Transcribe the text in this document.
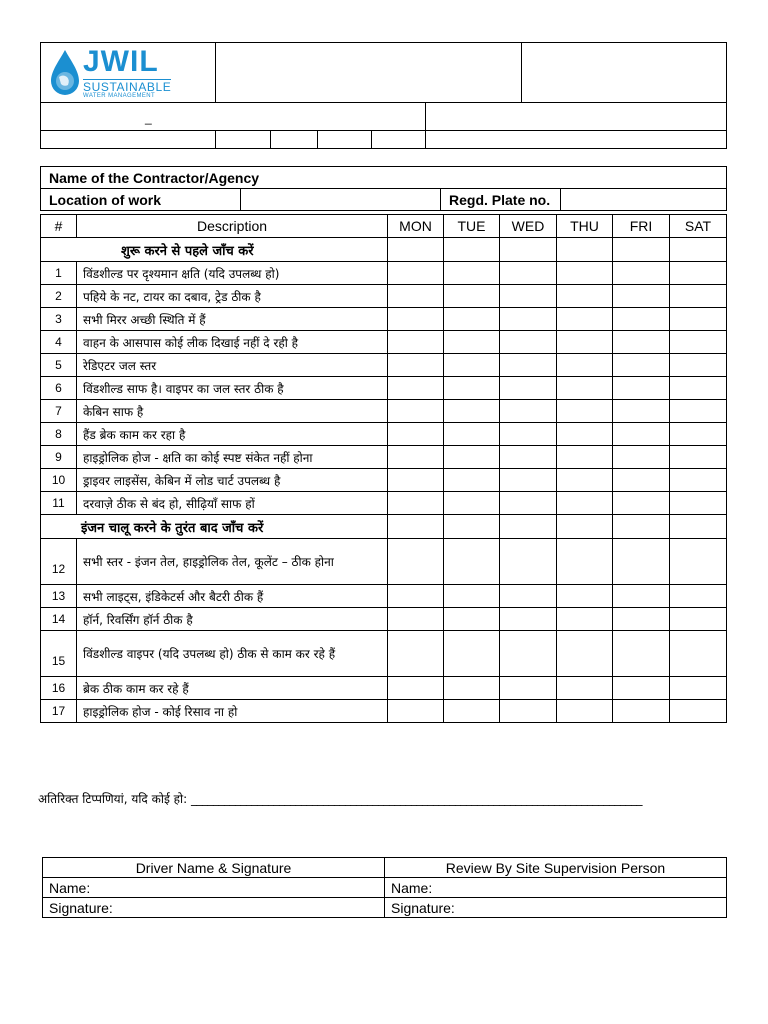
JWIL
SUSTAINABLE
WATER MANAGEMENT						

_						

Name of the Contractor/Agency
Location of work		Regd. Plate no.	
#	Description	MON	TUE	WED	THU	FRI	SAT
शुरू करने से पहले जाँच करें							
1	विंडशील्ड पर दृश्यमान क्षति (यदि उपलब्ध हो)						
2	पहिये के नट, टायर का दबाव, ट्रेड ठीक है						
3	सभी मिरर अच्छी स्थिति में हैं						
4	वाहन के आसपास कोई लीक दिखाई नहीं दे रही है						
5	रेडिएटर जल स्तर						
6	विंडशील्ड साफ है। वाइपर का जल स्तर ठीक है						
7	केबिन साफ है						
8	हैंड ब्रेक काम कर रहा है						
9	हाइड्रोलिक होज - क्षति का कोई स्पष्ट संकेत नहीं होना						
10	ड्राइवर लाइसेंस, केबिन में लोड चार्ट उपलब्ध है						
11	दरवाज़े ठीक से बंद हो, सीढ़ियाँ साफ हों						
इंजन चालू करने के तुरंत बाद जाँच करें							
12	सभी स्तर - इंजन तेल, हाइड्रोलिक तेल, कूलेंट – ठीक होना						
13	सभी लाइट्स, इंडिकेटर्स और बैटरी ठीक हैं						
14	हॉर्न, रिवर्सिंग हॉर्न ठीक है						
15	विंडशील्ड वाइपर (यदि उपलब्ध हो) ठीक से काम कर रहे हैं						
16	ब्रेक ठीक काम कर रहे हैं						
17	हाइड्रोलिक होज - कोई रिसाव ना हो						
अतिरिक्त टिप्पणियां, यदि कोई हो: __________________________________________________________________________________
Driver Name & Signature	Review By Site Supervision Person
Name:	Name:
Signature:	Signature:
